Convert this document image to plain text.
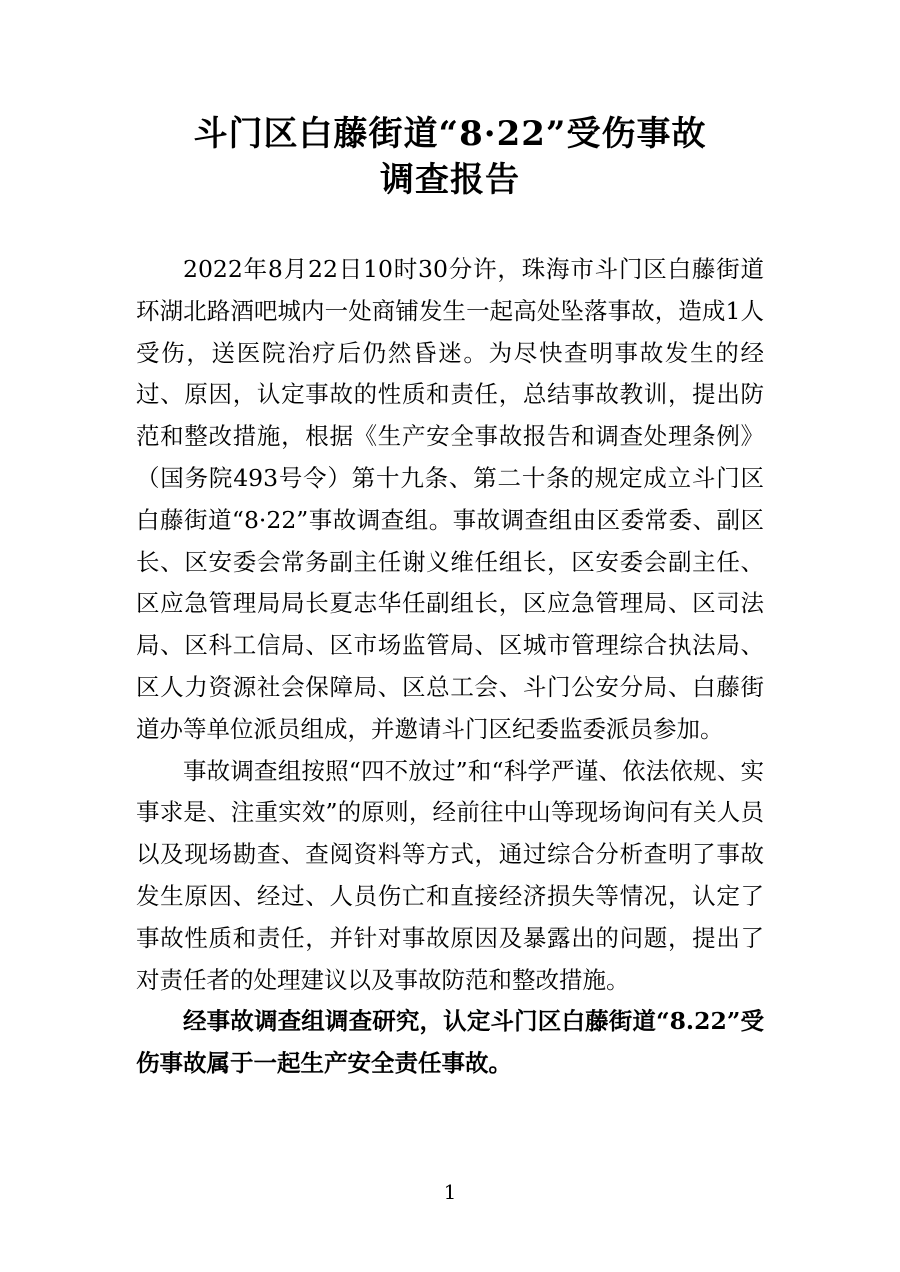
斗门区白藤街道“8·22”受伤事故
调查报告

2022年8月22日10时30分许，珠海市斗门区白藤街道环湖北路酒吧城内一处商铺发生一起高处坠落事故，造成1人受伤，送医院治疗后仍然昏迷。为尽快查明事故发生的经过、原因，认定事故的性质和责任，总结事故教训，提出防范和整改措施，根据《生产安全事故报告和调查处理条例》（国务院493号令）第十九条、第二十条的规定成立斗门区白藤街道“8·22”事故调查组。事故调查组由区委常委、副区长、区安委会常务副主任谢义维任组长，区安委会副主任、区应急管理局局长夏志华任副组长，区应急管理局、区司法局、区科工信局、区市场监管局、区城市管理综合执法局、区人力资源社会保障局、区总工会、斗门公安分局、白藤街道办等单位派员组成，并邀请斗门区纪委监委派员参加。

事故调查组按照“四不放过”和“科学严谨、依法依规、实事求是、注重实效”的原则，经前往中山等现场询问有关人员以及现场勘查、查阅资料等方式，通过综合分析查明了事故发生原因、经过、人员伤亡和直接经济损失等情况，认定了事故性质和责任，并针对事故原因及暴露出的问题，提出了对责任者的处理建议以及事故防范和整改措施。

经事故调查组调查研究，认定斗门区白藤街道“8.22”受伤事故属于一起生产安全责任事故。

1
